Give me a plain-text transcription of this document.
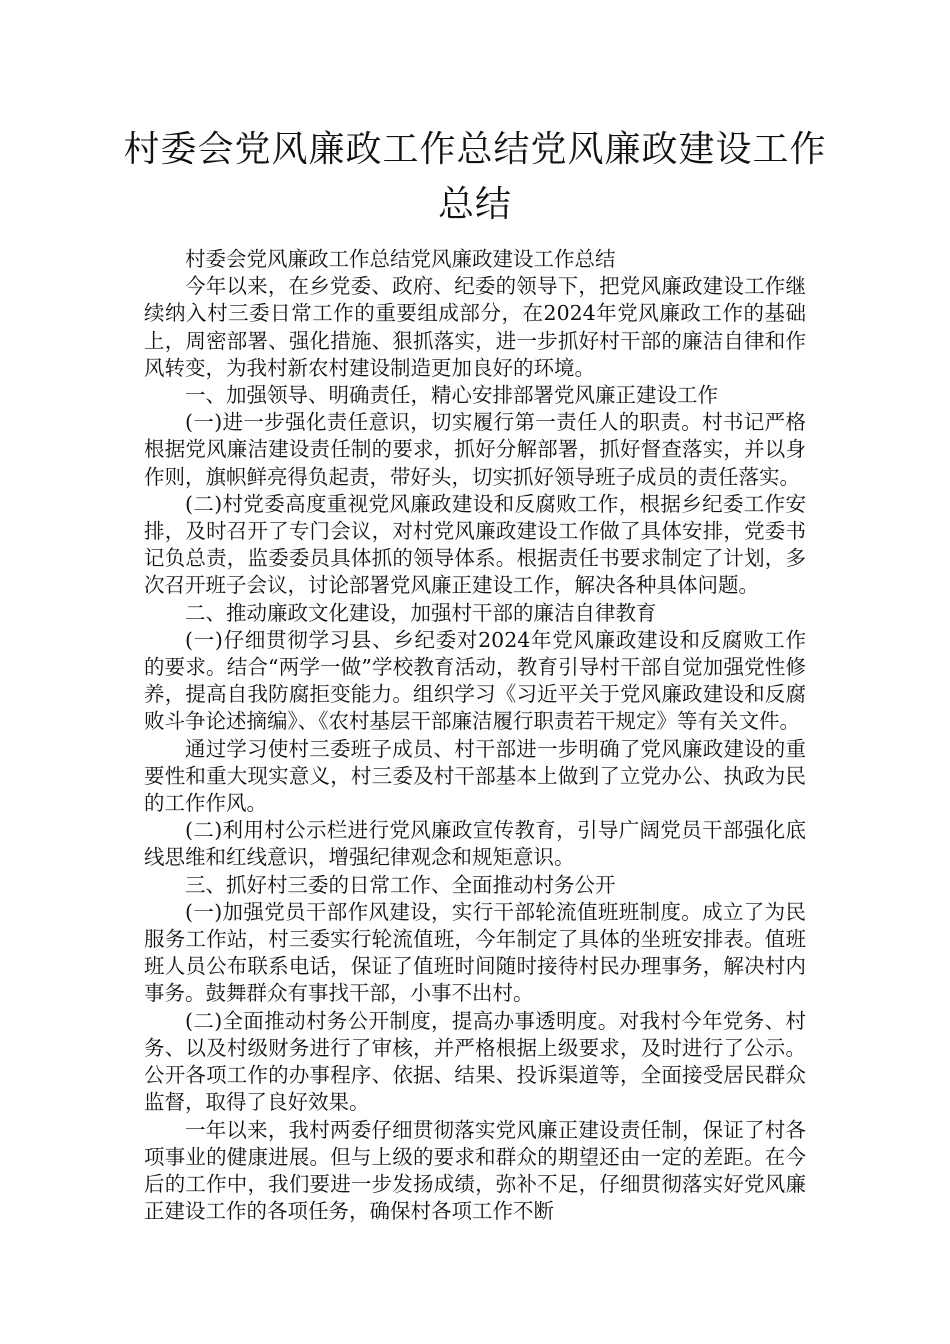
村委会党风廉政工作总结党风廉政建设工作总结

村委会党风廉政工作总结党风廉政建设工作总结

今年以来，在乡党委、政府、纪委的领导下，把党风廉政建设工作继续纳入村三委日常工作的重要组成部分，在2024年党风廉政工作的基础上，周密部署、强化措施、狠抓落实，进一步抓好村干部的廉洁自律和作风转变，为我村新农村建设制造更加良好的环境。

一、加强领导、明确责任，精心安排部署党风廉正建设工作

(一)进一步强化责任意识，切实履行第一责任人的职责。村书记严格根据党风廉洁建设责任制的要求，抓好分解部署，抓好督查落实，并以身作则，旗帜鲜亮得负起责，带好头，切实抓好领导班子成员的责任落实。

(二)村党委高度重视党风廉政建设和反腐败工作，根据乡纪委工作安排，及时召开了专门会议，对村党风廉政建设工作做了具体安排，党委书记负总责，监委委员具体抓的领导体系。根据责任书要求制定了计划，多次召开班子会议，讨论部署党风廉正建设工作，解决各种具体问题。

二、推动廉政文化建设，加强村干部的廉洁自律教育

(一)仔细贯彻学习县、乡纪委对2024年党风廉政建设和反腐败工作的要求。结合“两学一做”学校教育活动，教育引导村干部自觉加强党性修养，提高自我防腐拒变能力。组织学习《习近平关于党风廉政建设和反腐败斗争论述摘编》、《农村基层干部廉洁履行职责若干规定》等有关文件。

通过学习使村三委班子成员、村干部进一步明确了党风廉政建设的重要性和重大现实意义，村三委及村干部基本上做到了立党办公、执政为民的工作作风。

(二)利用村公示栏进行党风廉政宣传教育，引导广阔党员干部强化底线思维和红线意识，增强纪律观念和规矩意识。

三、抓好村三委的日常工作、全面推动村务公开

(一)加强党员干部作风建设，实行干部轮流值班班制度。成立了为民服务工作站，村三委实行轮流值班，今年制定了具体的坐班安排表。值班班人员公布联系电话，保证了值班时间随时接待村民办理事务，解决村内事务。鼓舞群众有事找干部，小事不出村。

(二)全面推动村务公开制度，提高办事透明度。对我村今年党务、村务、以及村级财务进行了审核，并严格根据上级要求，及时进行了公示。公开各项工作的办事程序、依据、结果、投诉渠道等，全面接受居民群众监督，取得了良好效果。

一年以来，我村两委仔细贯彻落实党风廉正建设责任制，保证了村各项事业的健康进展。但与上级的要求和群众的期望还由一定的差距。在今后的工作中，我们要进一步发扬成绩，弥补不足，仔细贯彻落实好党风廉正建设工作的各项任务，确保村各项工作不断
